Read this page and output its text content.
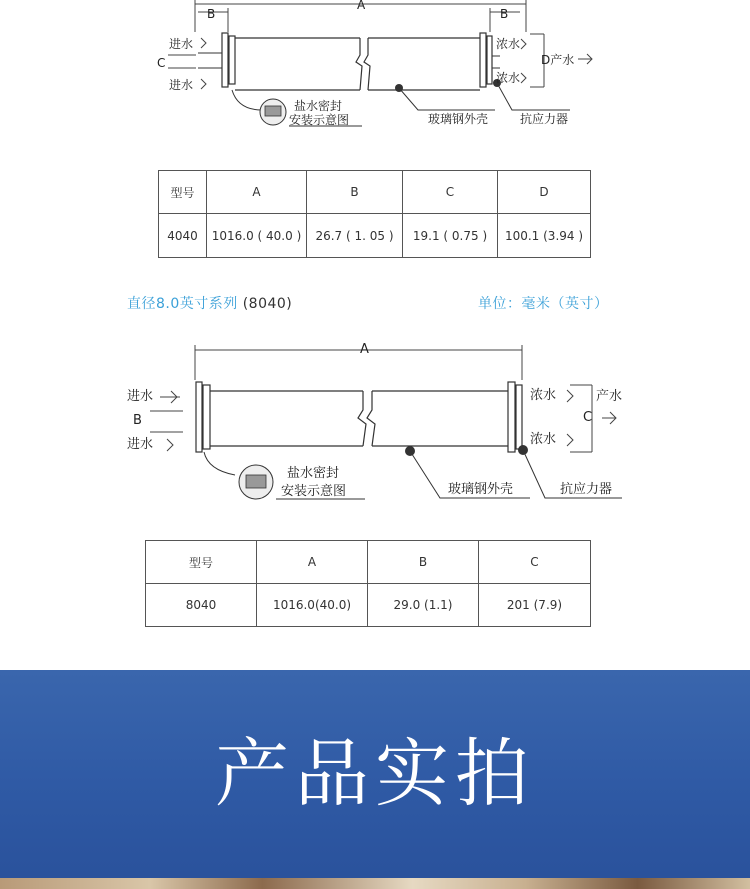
A
B	B
进水
C
进水
浓水
浓水
D产水
盐水密封
安装示意图	玻璃钢外壳	抗应力器
型号	A	B	C	D
4040	1016.0 ( 40.0 )	26.7 ( 1. 05 )	19.1 ( 0.75 )	100.1 (3.94 )
直径8.0英寸系列 (8040)	单位：毫米（英寸）
A
进水
B
进水
浓水	产水
C
浓水
盐水密封
安装示意图	玻璃钢外壳	抗应力器
型号	A	B	C
8040	1016.0(40.0)	29.0 (1.1)	201 (7.9)
产品实拍
